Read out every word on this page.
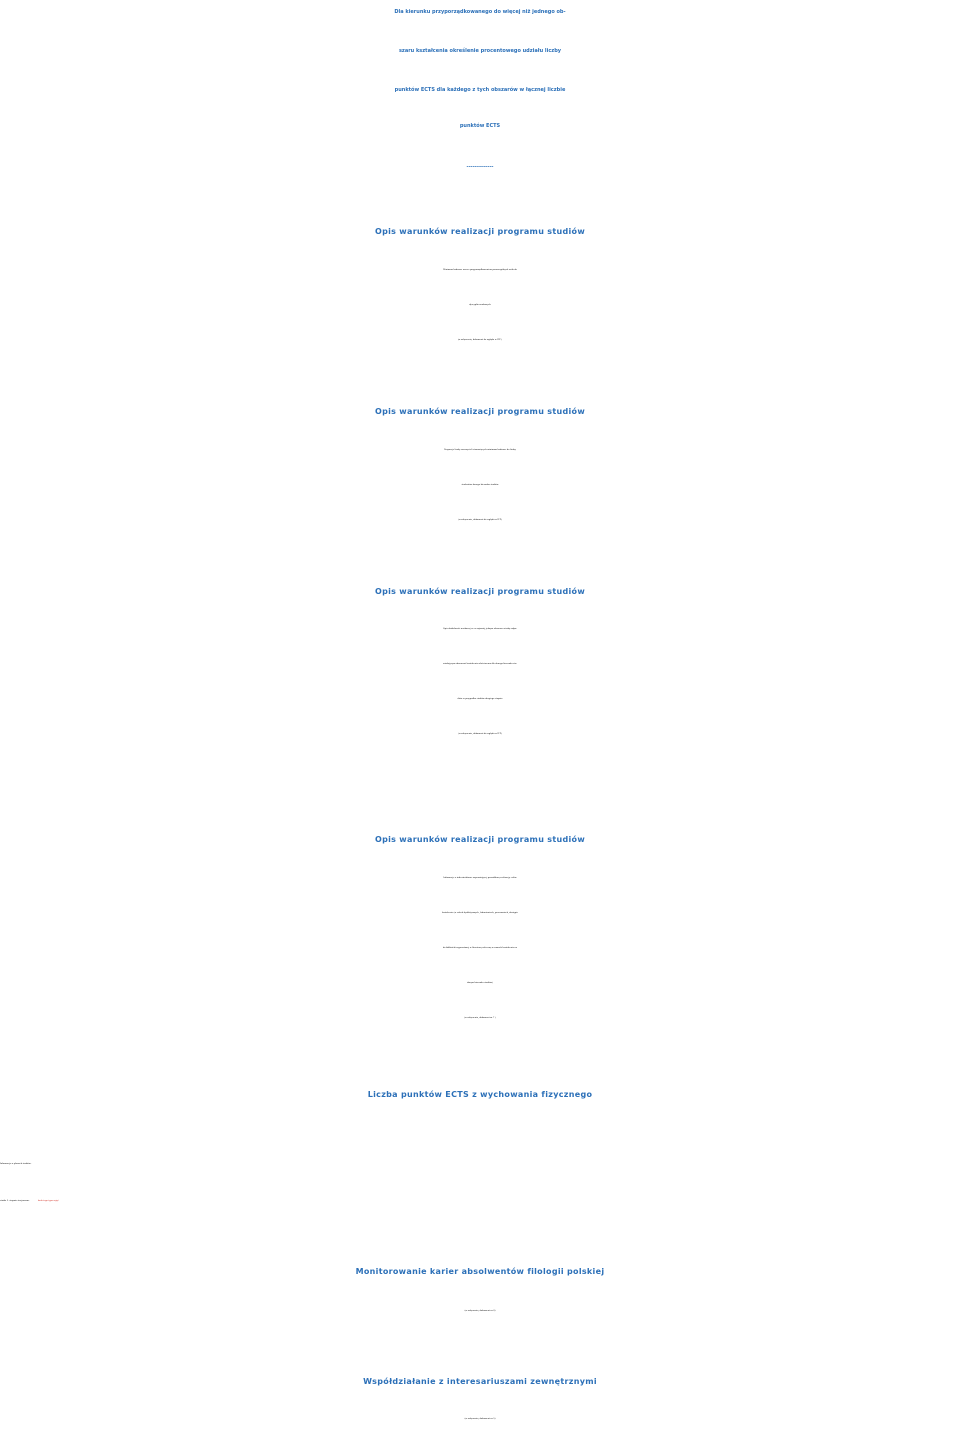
Dla kierunku przyporządkowanego do więcej niż jednego ob-
szaru kształcenia określenie procentowego udziału liczby
punktów ECTS dla każdego z tych obszarów w łącznej liczbie
punktów ECTS
-------------
Opis warunków realizacji programu studiów
Minimum kadrowe wraz z przyporządkowaniem poszczególnych osób do
dyscyplin naukowych
(w załączeniu, dokument do wglądu w IFP )
Opis warunków realizacji programu studiów
Proporcja liczby nauczycieli stanowiących minimum kadrowe do liczby
studentów danego kierunku studiów
(w załączeniu, dokument do wglądu w IFP)
Opis warunków realizacji programu studiów
Opis działalności naukowej w co najmniej jednym obszarze wiedzy odpo-
wiadającym obszarowi kształcenia właściwemu dla danego kierunku stu-
diów w przypadku studiów drugiego stopnia
(w załączeniu, dokument do wglądu w IFP)
Opis warunków realizacji programu studiów
Informacje o infrastrukturze zapewniającej prawidłową realizację celów
kształcenia (o salach dydaktycznych, laboratoriach, pracowniach, dostępie
do biblioteki wyposażonej w literaturę zalecaną w ramach kształcenia na
danym kierunku studiów)
(w załączeniu, dokument nr 7 )
Liczba punktów ECTS z wychowania fizycznego
Informacja w planach studiów:
studia 2. stopnia stacjonarne	brak tego typu zajęć
Monitorowanie karier absolwentów filologii polskiej
(w załączeniu, dokument nr 8)
Współdziałanie z interesariuszami zewnętrznymi
(w załączeniu, dokument nr 9)
